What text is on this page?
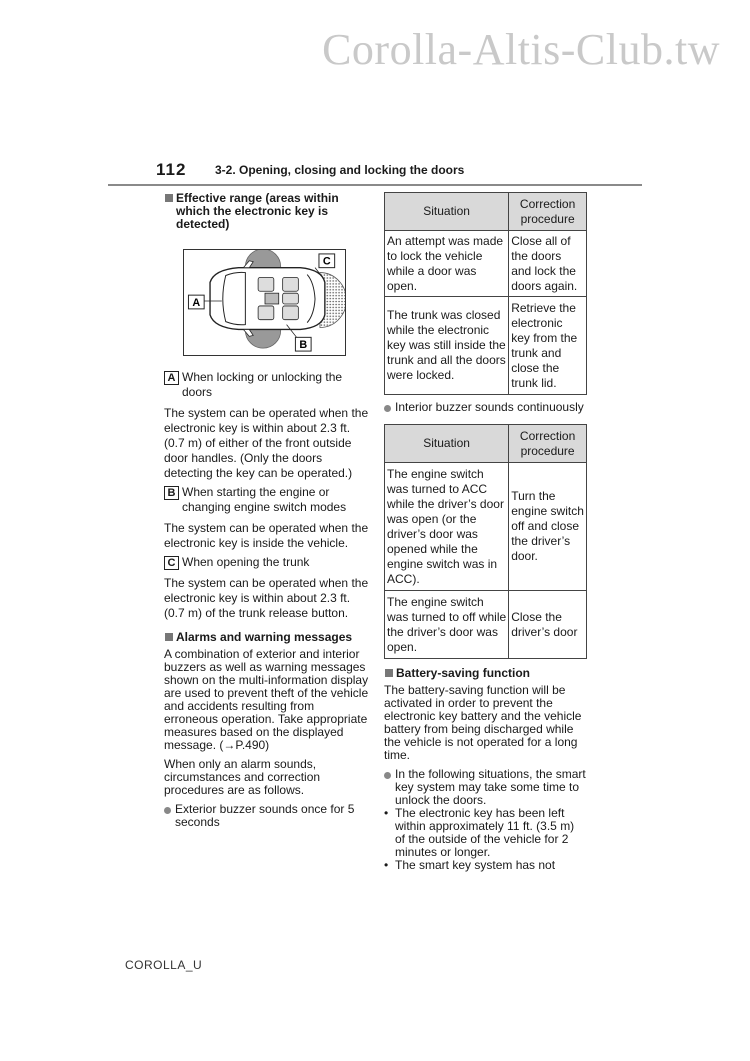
Corolla-Altis-Club.tw
112 3-2. Opening, closing and locking the doors
Effective range (areas within which the electronic key is detected)
A
C
B
A When locking or unlocking the doors

The system can be operated when the electronic key is within about 2.3 ft. (0.7 m) of either of the front outside door handles. (Only the doors detecting the key can be operated.)

B When starting the engine or changing engine switch modes

The system can be operated when the electronic key is inside the vehicle.

C When opening the trunk

The system can be operated when the electronic key is within about 2.3 ft. (0.7 m) of the trunk release button.

Alarms and warning messages

A combination of exterior and interior buzzers as well as warning messages shown on the multi-information display are used to prevent theft of the vehicle and accidents resulting from erroneous operation. Take appropriate measures based on the displayed message. (→P.490)

When only an alarm sounds, circumstances and correction procedures are as follows.

Exterior buzzer sounds once for 5 seconds
Situation	Correction procedure
An attempt was made to lock the vehicle while a door was open.	Close all of the doors and lock the doors again.
The trunk was closed while the electronic key was still inside the trunk and all the doors were locked.	Retrieve the electronic key from the trunk and close the trunk lid.
Interior buzzer sounds continuously
Situation	Correction procedure
The engine switch was turned to ACC while the driver’s door was open (or the driver’s door was opened while the engine switch was in ACC).	Turn the engine switch off and close the driver’s door.
The engine switch was turned to off while the driver’s door was open.	Close the driver’s door
Battery-saving function

The battery-saving function will be activated in order to prevent the electronic key battery and the vehicle battery from being discharged while the vehicle is not operated for a long time.

In the following situations, the smart key system may take some time to unlock the doors.
• The electronic key has been left within approximately 11 ft. (3.5 m) of the outside of the vehicle for 2 minutes or longer.
• The smart key system has not
COROLLA_U
